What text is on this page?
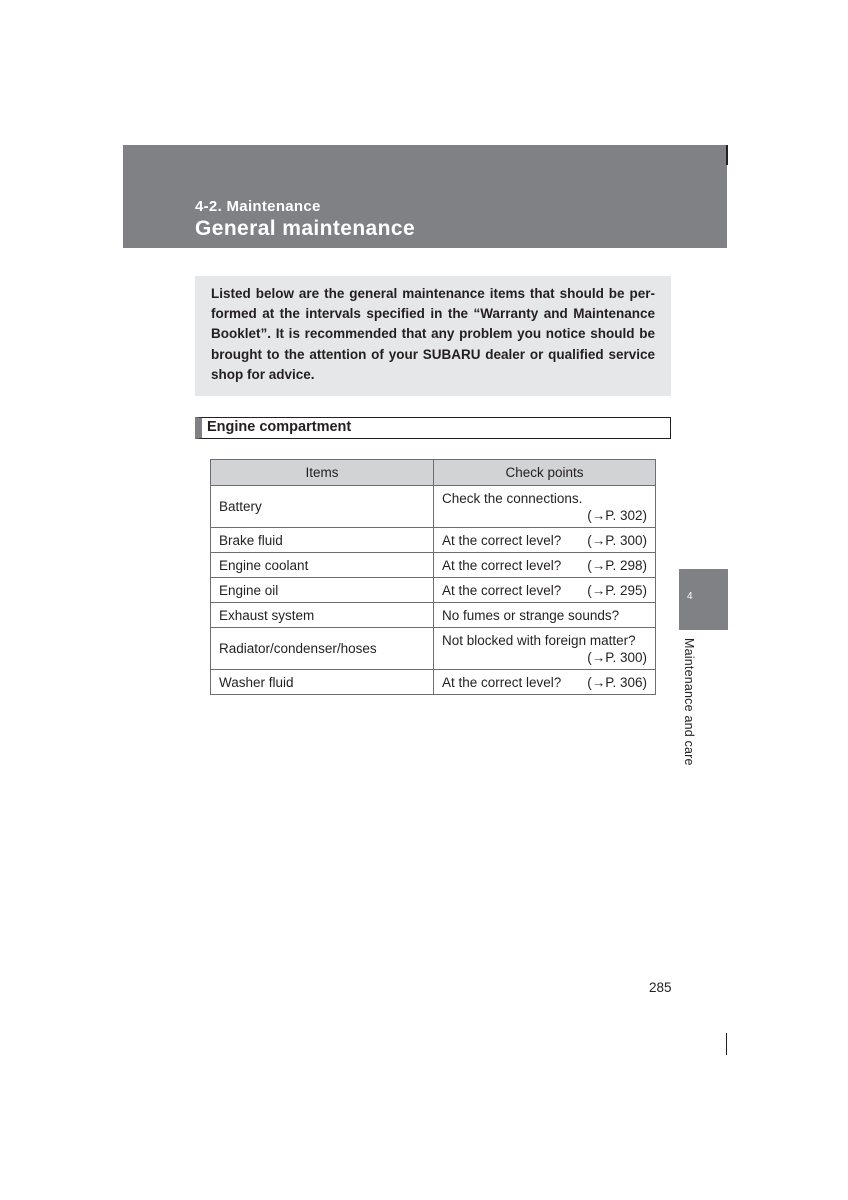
4-2. Maintenance
General maintenance

Listed below are the general maintenance items that should be per-formed at the intervals specified in the “Warranty and Maintenance Booklet”. It is recommended that any problem you notice should be brought to the attention of your SUBARU dealer or qualified service shop for advice.

Engine compartment
Items	Check points
Battery	Check the connections.
(→P. 302)

Brake fluid	At the correct level? (→P. 300)

Engine coolant	At the correct level? (→P. 298)

Engine oil	At the correct level? (→P. 295)

Exhaust system	No fumes or strange sounds?
Radiator/condenser/hoses	Not blocked with foreign matter?
(→P. 300)

Washer fluid	At the correct level? (→P. 306)
4
Maintenance and care
285
